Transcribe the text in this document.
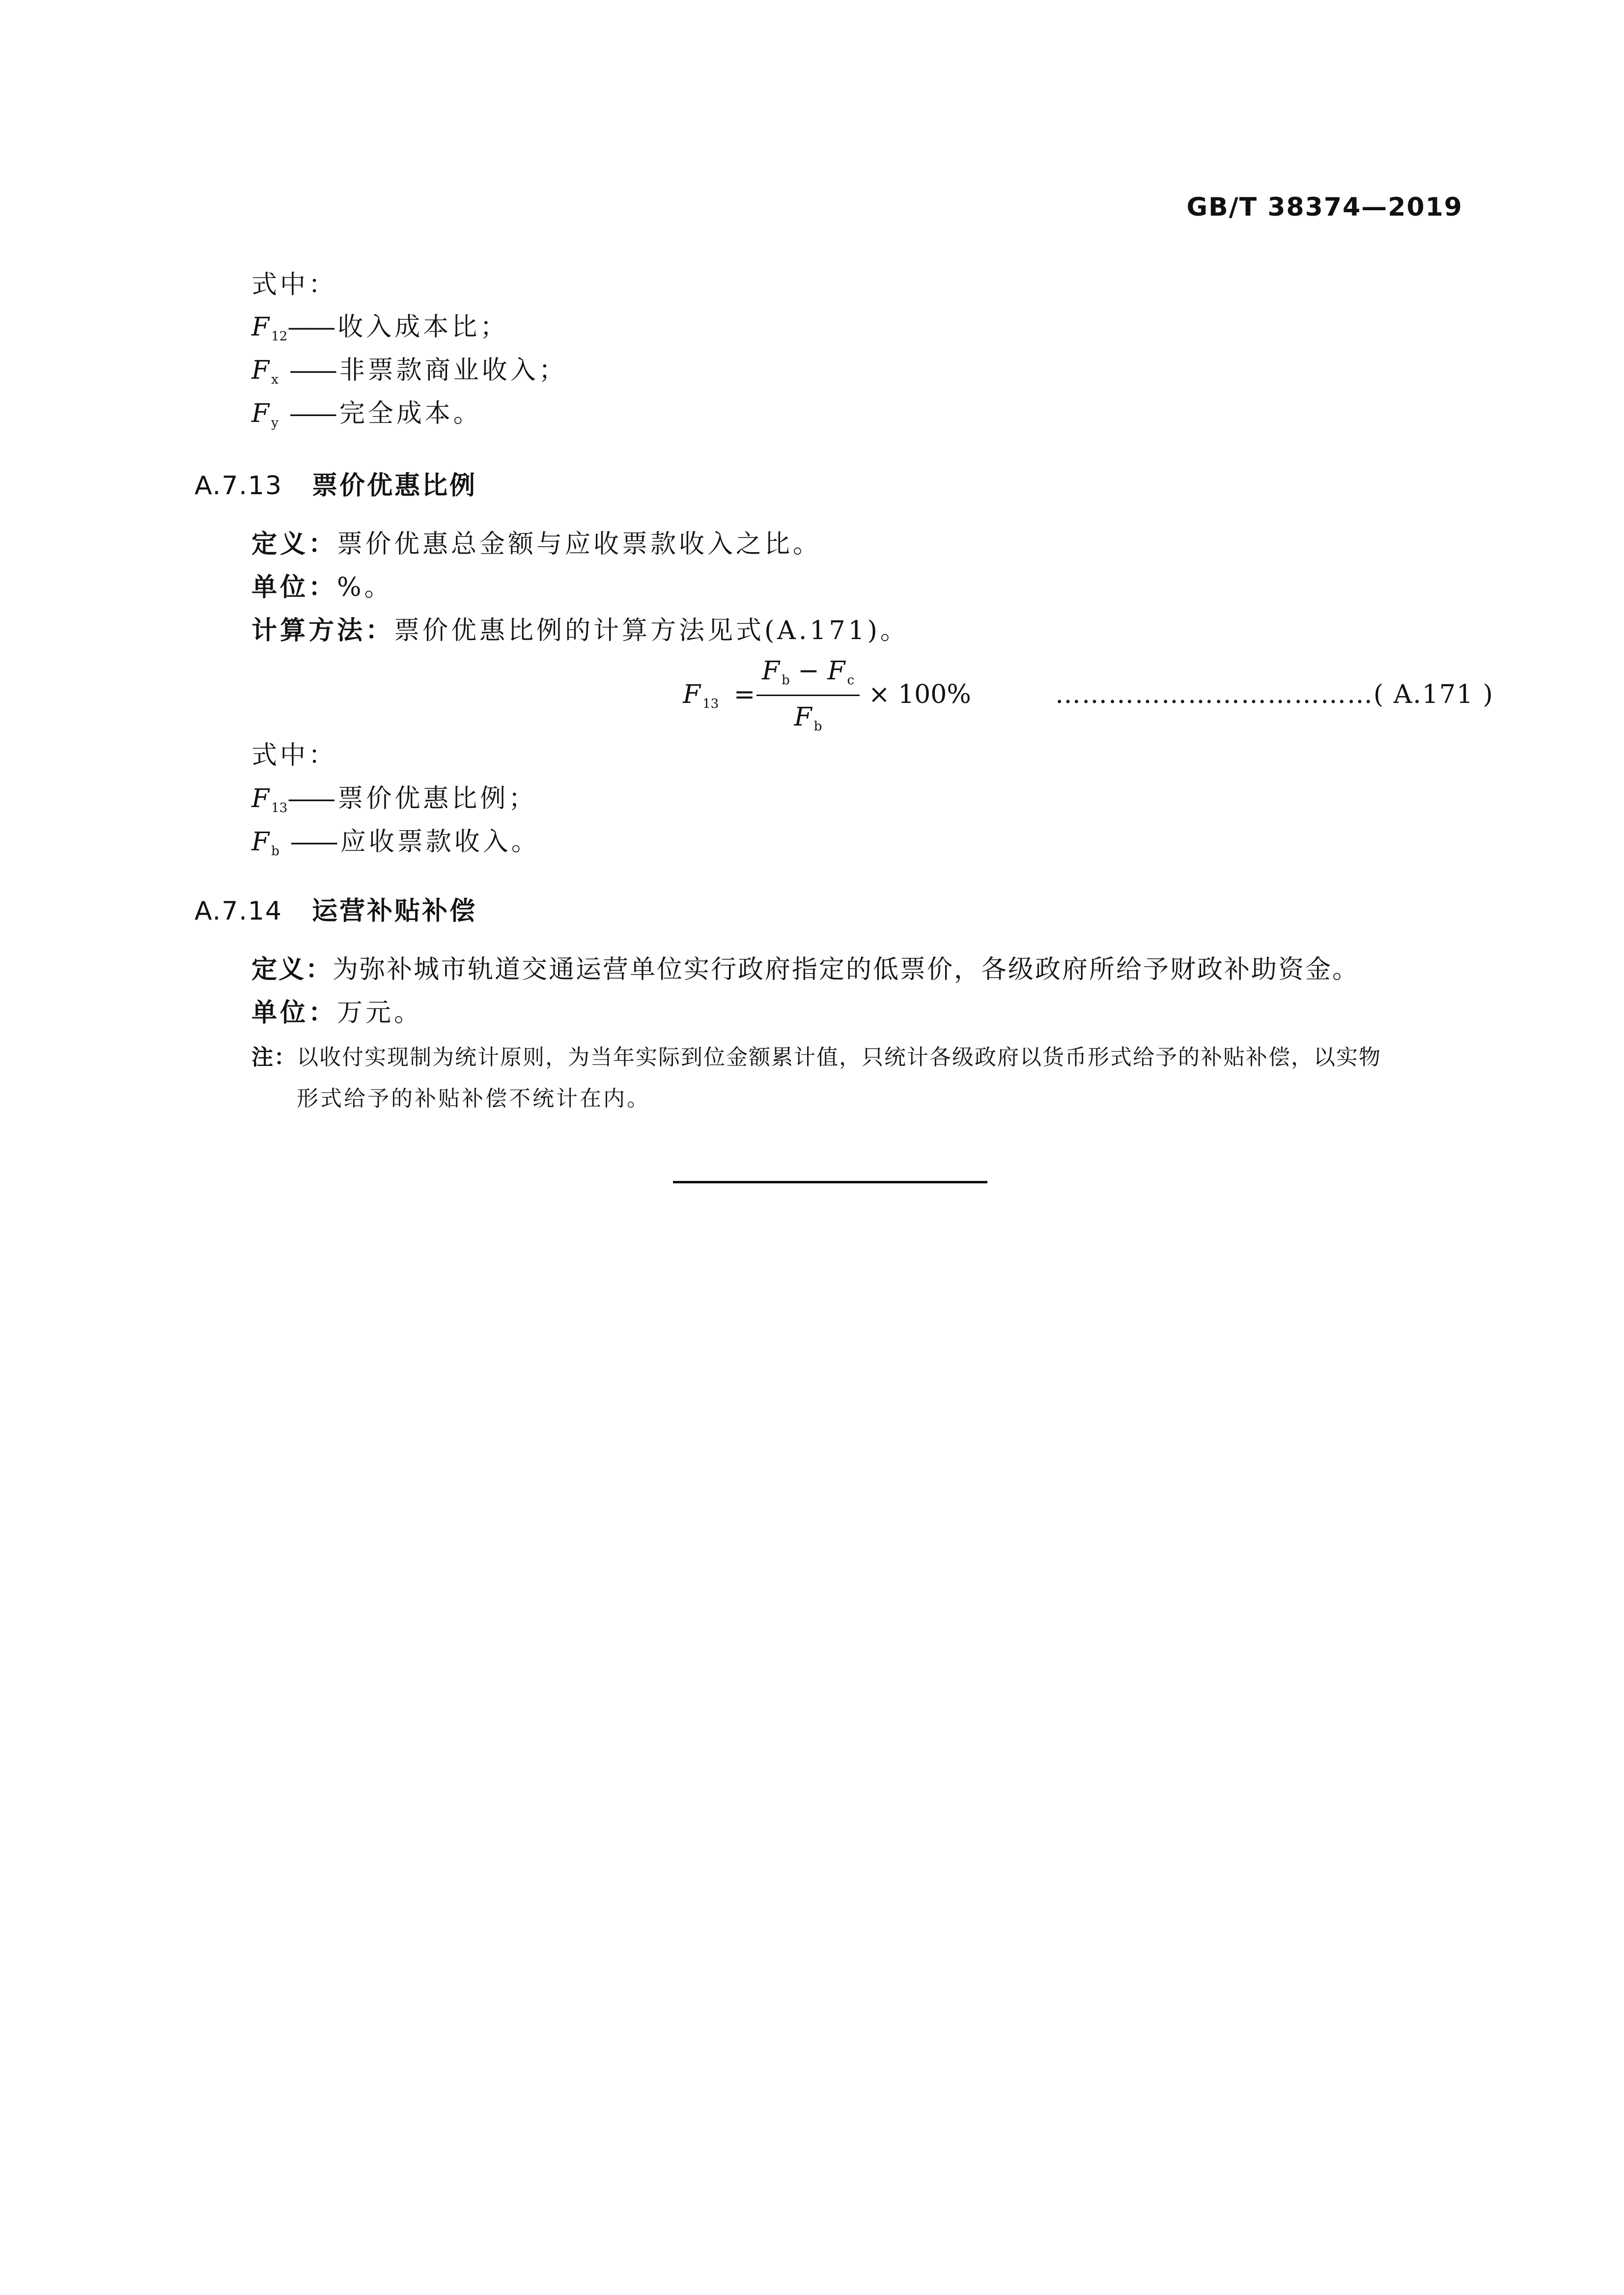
GB/T 38374—2019
式中：
F $_{12}$—— 收入成本比；
F $_x$ —— 非票款商业收入；
F $_y$ —— 完全成本。
A.7.13 票价优惠比例
定义：票价优惠总金额与应收票款收入之比。
单位：%。
计算方法：票价优惠比例的计算方法见式(A.171)。
F $_{13}$ =
F $_b$ − F $_c$
F $_b$
× 100%	………………………………( A.171 )
式中：
F $_{13}$—— 票价优惠比例；
F $_b$ —— 应收票款收入。
A.7.14 运营补贴补偿
定义：为弥补城市轨道交通运营单位实行政府指定的低票价，各级政府所给予财政补助资金。
单位：万元。
注：以收付实现制为统计原则，为当年实际到位金额累计值，只统计各级政府以货币形式给予的补贴补偿，以实物
形式给予的补贴补偿不统计在内。
